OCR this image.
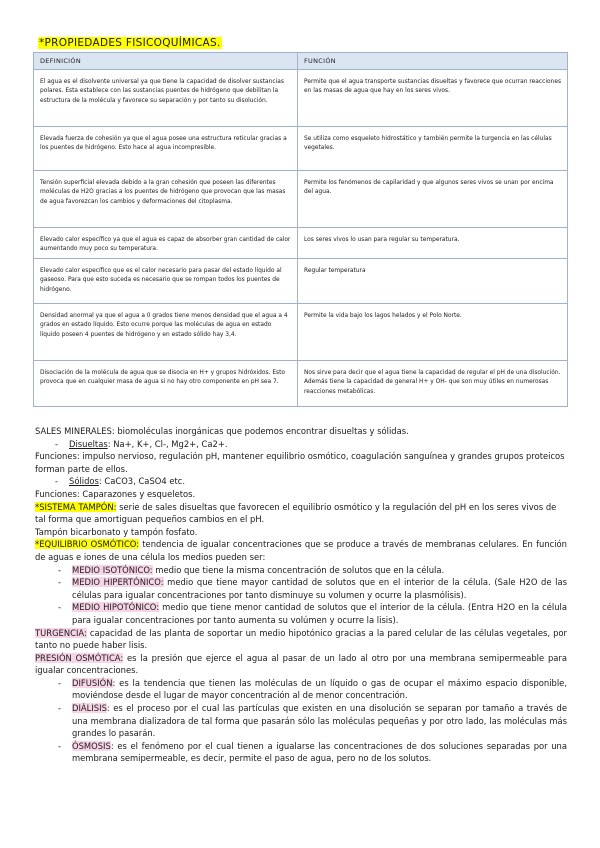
*PROPIEDADES FISICOQUÍMICAS.
DEFINICIÓN	FUNCIÓN
El agua es el disolvente universal ya que tiene la capacidad de disolver sustancias polares. Esta establece con las sustancias puentes de hidrógeno que debilitan la estructura de la molécula y favorece su separación y por tanto su disolución.	Permite que el agua transporte sustancias disueltas y favorece que ocurran reacciones en las masas de agua que hay en los seres vivos.
Elevada fuerza de cohesión ya que el agua posee una estructura reticular gracias a los puentes de hidrógeno. Esto hace al agua incompresible.	Se utiliza como esqueleto hidrostático y también permite la turgencia en las células vegetales.
Tensión superficial elevada debido a la gran cohesión que poseen las diferentes moléculas de H2O gracias a los puentes de hidrógeno que provocan que las masas de agua favorezcan los cambios y deformaciones del citoplasma.	Permite los fenómenos de capilaridad y que algunos seres vivos se unan por encima del agua.
Elevado calor específico ya que el agua es capaz de absorber gran cantidad de calor aumentando muy poco su temperatura.	Los seres vivos lo usan para regular su temperatura.
Elevado calor específico que es el calor necesario para pasar del estado líquido al gaseoso. Para que esto suceda es necesario que se rompan todos los puentes de hidrógeno.	Regular temperatura
Densidad anormal ya que el agua a 0 grados tiene menos densidad que el agua a 4 grados en estado líquido. Esto ocurre porque las moléculas de agua en estado líquido poseen 4 puentes de hidrógeno y en estado sólido hay 3,4.	Permite la vida bajo los lagos helados y el Polo Norte.
Disociación de la molécula de agua que se disocia en H+ y grupos hidróxidos. Esto provoca que en cualquier masa de agua si no hay otro componente en pH sea 7.	Nos sirve para decir que el agua tiene la capacidad de regular el pH de una disolución. Además tiene la capacidad de general H+ y OH- que son muy útiles en numerosas reacciones metabólicas.

SALES MINERALES: biomoléculas inorgánicas que podemos encontrar disueltas y sólidas.

- Disueltas: Na+, K+, Cl-, Mg2+, Ca2+.

Funciones: impulso nervioso, regulación pH, mantener equilibrio osmótico, coagulación sanguínea y grandes grupos proteicos forman parte de ellos.

- Sólidos: CaCO3, CaSO4 etc.

Funciones: Caparazones y esqueletos.

*SISTEMA TAMPÓN: serie de sales disueltas que favorecen el equilibrio osmótico y la regulación del pH en los seres vivos de tal forma que amortiguan pequeños cambios en el pH.

Tampón bicarbonato y tampón fosfato.

*EQUILIBRIO OSMÓTICO: tendencia de igualar concentraciones que se produce a través de membranas celulares. En función de aguas e iones de una célula los medios pueden ser:

- MEDIO ISOTÓNICO: medio que tiene la misma concentración de solutos que en la célula.

- MEDIO HIPERTÓNICO: medio que tiene mayor cantidad de solutos que en el interior de la célula. (Sale H2O de las células para igualar concentraciones por tanto disminuye su volumen y ocurre la plasmólisis).

- MEDIO HIPOTÓNICO: medio que tiene menor cantidad de solutos que el interior de la célula. (Entra H2O en la célula para igualar concentraciones por tanto aumenta su volúmen y ocurre la lisis).

TURGENCIA: capacidad de las planta de soportar un medio hipotónico gracias a la pared celular de las células vegetales, por tanto no puede haber lisis.

PRESIÓN OSMÓTICA: es la presión que ejerce el agua al pasar de un lado al otro por una membrana semipermeable para igualar concentraciones.

- DIFUSIÓN: es la tendencia que tienen las moléculas de un líquido o gas de ocupar el máximo espacio disponible, moviéndose desde el lugar de mayor concentración al de menor concentración.

- DIÁLISIS: es el proceso por el cual las partículas que existen en una disolución se separan por tamaño a través de una membrana dializadora de tal forma que pasarán sólo las moléculas pequeñas y por otro lado, las moléculas más grandes lo pasarán.

- ÓSMOSIS: es el fenómeno por el cual tienen a igualarse las concentraciones de dos soluciones separadas por una membrana semipermeable, es decir, permite el paso de agua, pero no de los solutos.
